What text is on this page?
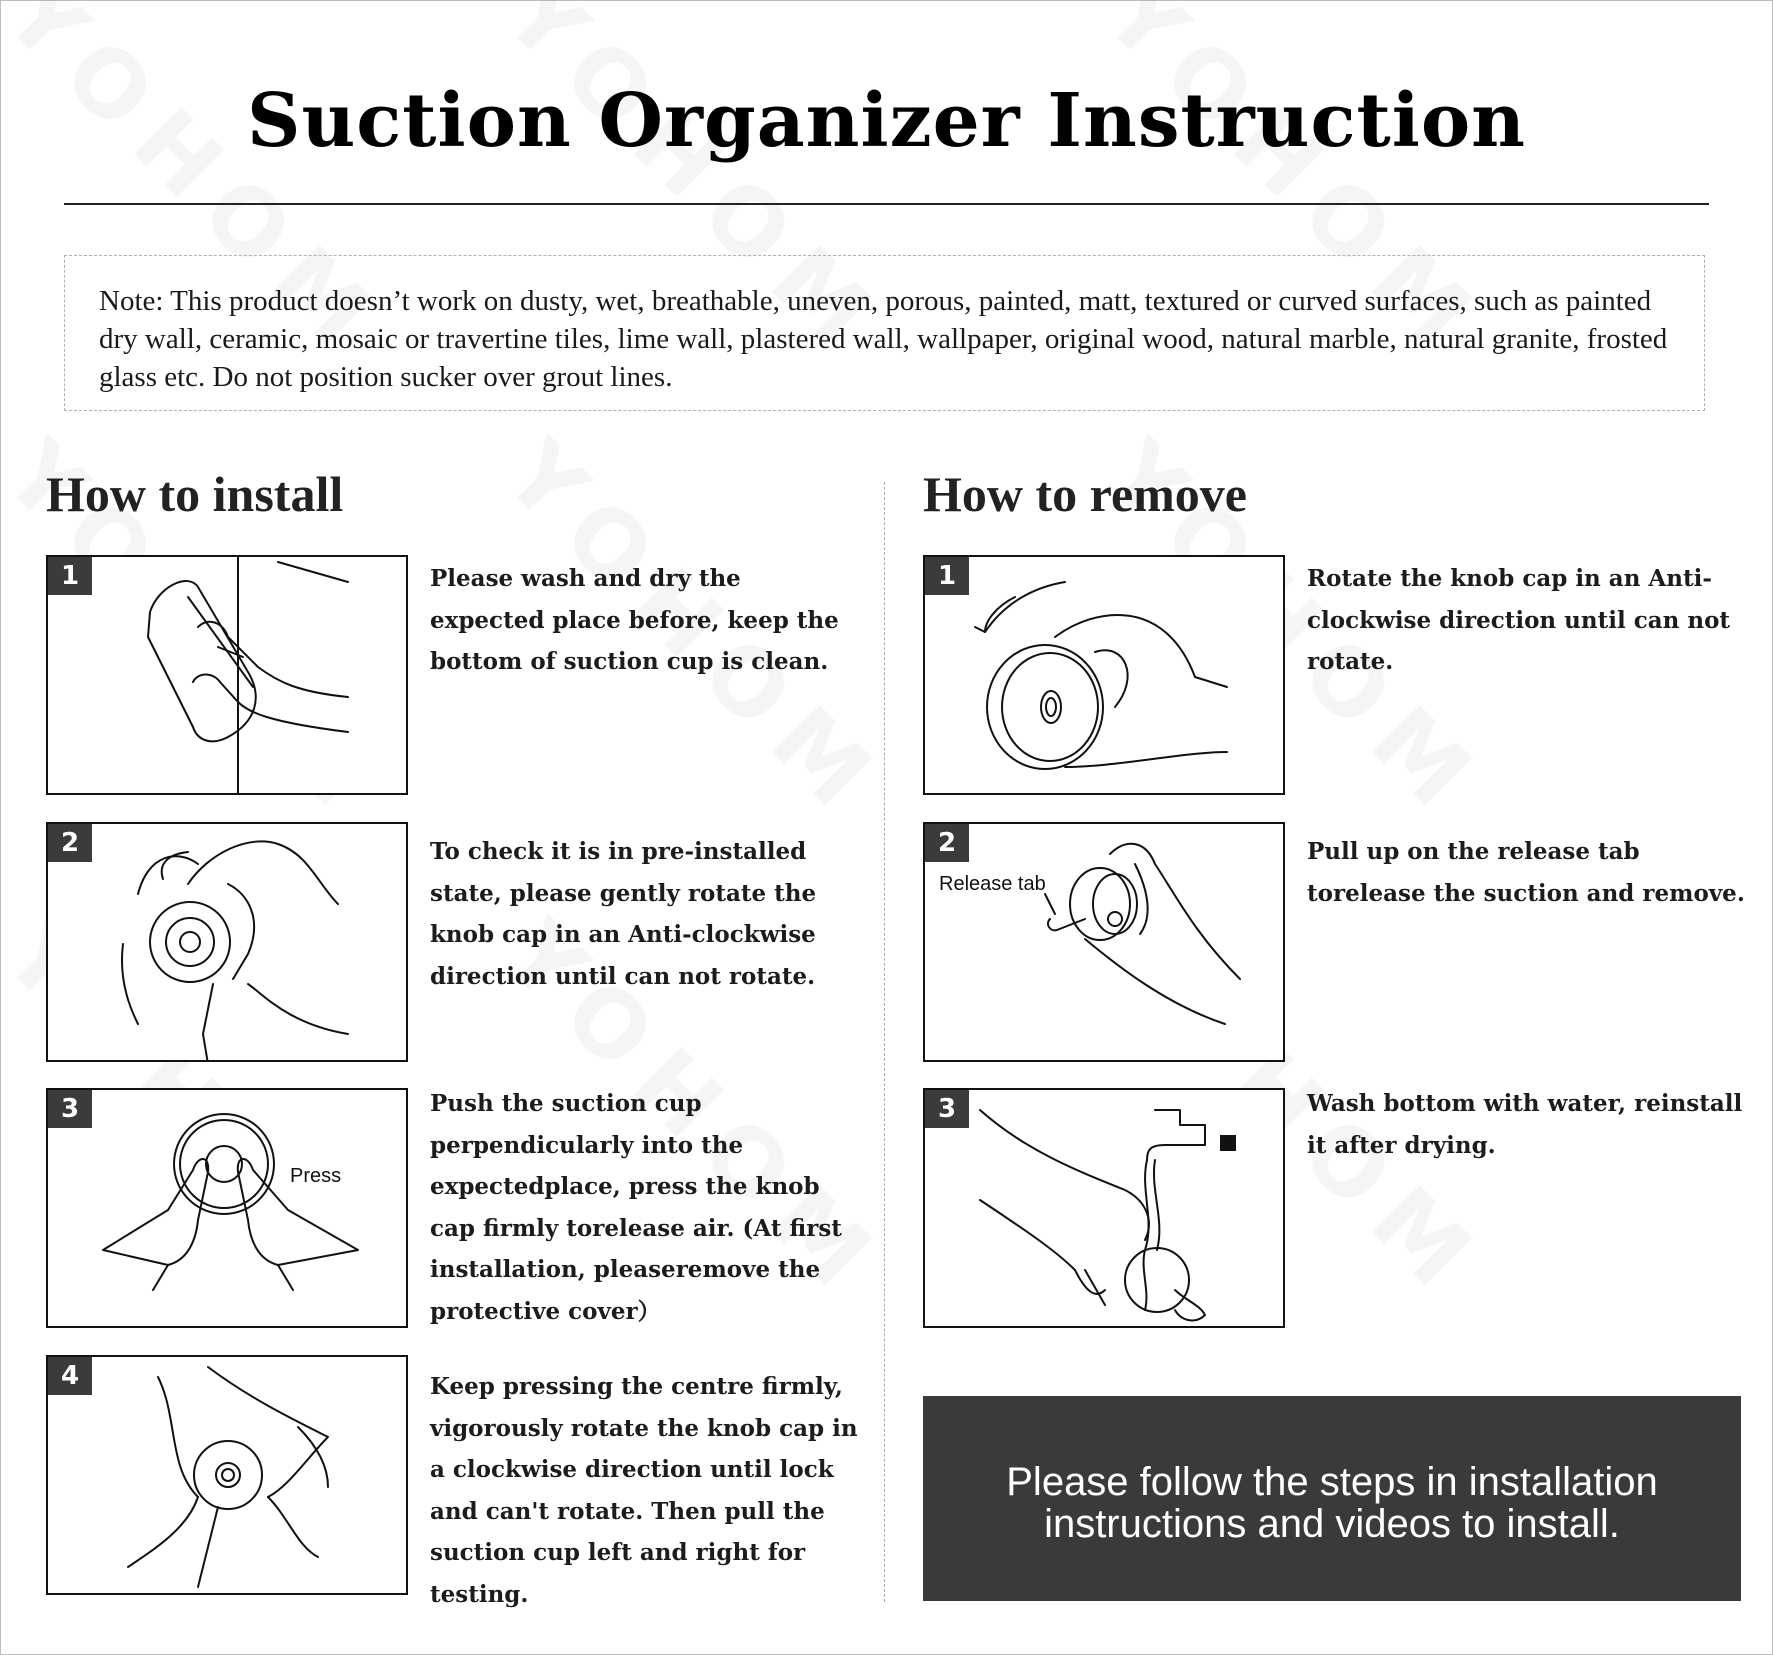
Suction Organizer Instruction
Note: This product doesn’t work on dusty, wet, breathable, uneven, porous, painted, matt, textured or curved surfaces, such as painted dry wall, ceramic, mosaic or travertine tiles, lime wall, plastered wall, wallpaper, original wood, natural marble, natural granite, frosted glass etc. Do not position sucker over grout lines.
How to install	How to remove
1	Please wash and dry the expected place before, keep the bottom of suction cup is clean.
2	To check it is in pre-installed state, please gently rotate the knob cap in an Anti-clockwise direction until can not rotate.
3
Press
Push the suction cup perpendicularly into the expectedplace, press the knob cap firmly torelease air. (At first installation, pleaseremove the protective cover）
4	Keep pressing the centre firmly, vigorously rotate the knob cap in a clockwise direction until lock and can't rotate. Then pull the suction cup left and right for testing.
1	Rotate the knob cap in an Anti-clockwise direction until can not rotate.
2
Release tab
Pull up on the release tab torelease the suction and remove.
3	Wash bottom with water, reinstall it after drying.
Please follow the steps in installation
instructions and videos to install.
